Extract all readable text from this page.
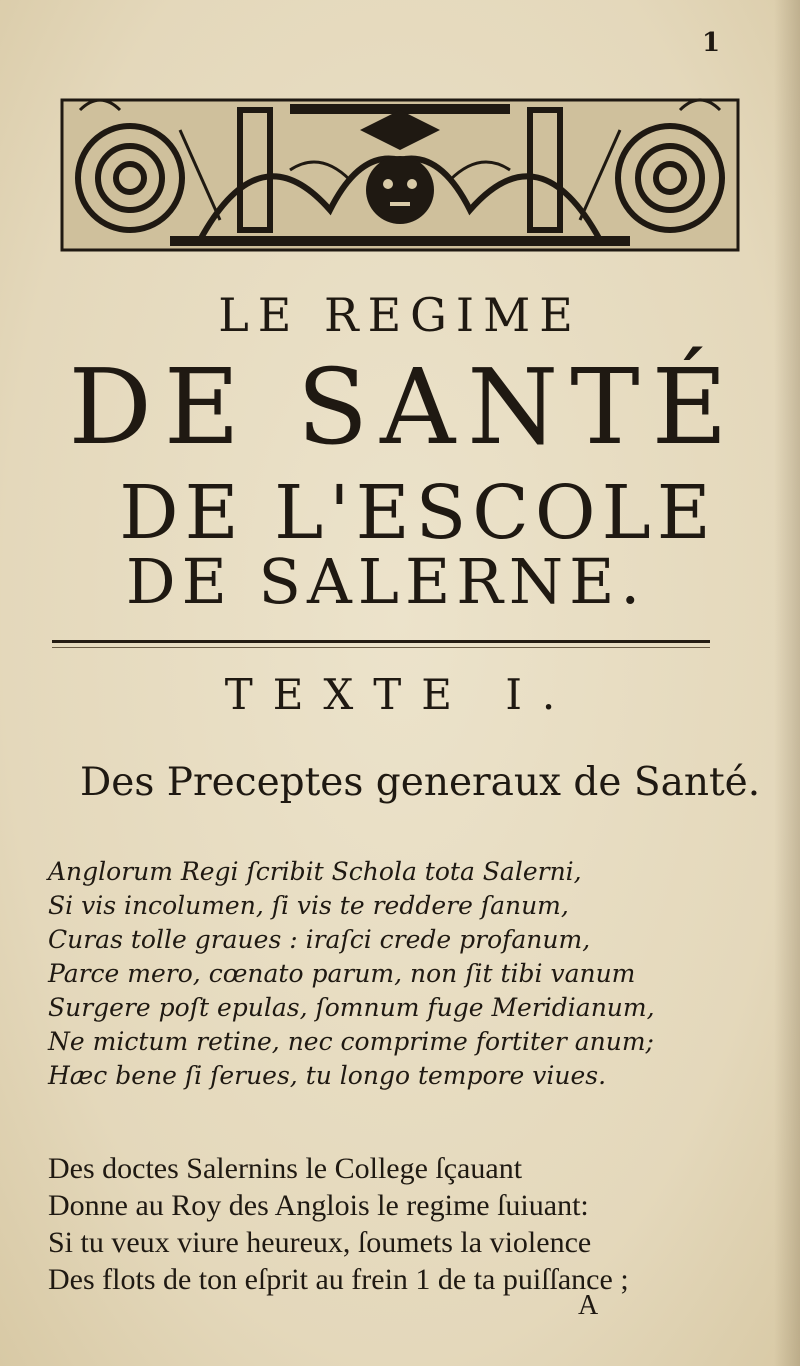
1
LE REGIME
DE SANTÉ
DE L'ESCOLE
DE SALERNE.
TEXTE I.
Des Preceptes generaux de Santé.
Anglorum Regi ſcribit Schola tota Salerni,
Si vis incolumen, ſi vis te reddere ſanum,
Curas tolle graues : iraſci crede profanum,
Parce mero, cœnato parum, non ſit tibi vanum
Surgere poſt epulas, ſomnum fuge Meridianum,
Ne mictum retine, nec comprime fortiter anum;
Hæc bene ſi ſerues, tu longo tempore viues.
Des doctes Salernins le College ſçauant
Donne au Roy des Anglois le regime ſuiuant:
Si tu veux viure heureux, ſoumets la violence
Des flots de ton eſprit au frein 1 de ta puiſſance ;
A
